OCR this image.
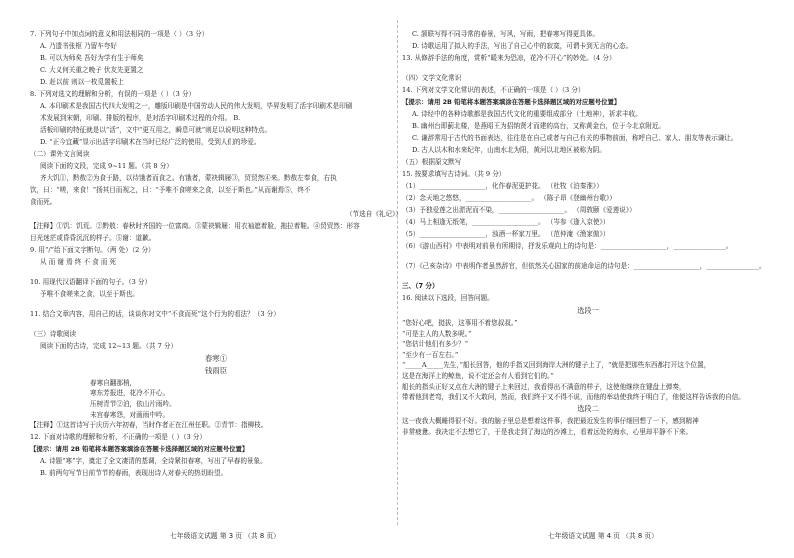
7. 下列句子中加点词的意义和用法相同的一项是（ ）（3 分）
A. 乃遗书张枢 乃留车夸好
B. 可以为师矣 吾好为学有生于师矣
C. 大义何关重之晚子 伏友先更置之
D. 赶以前 则以一枚觅置板上
8. 下列对选文的理解和分析，有误的一项是（ ）（3 分）
A. 本印刷术是我国古代四大发明之一，雕版印刷是中国劳动人民的伟大发明，毕昇发明了活字印刷术是印刷
术发展到宋朝，印刷、排版的程序，是对活字印刷术过程的介绍。 B.
活板印刷的特征就是以“活”，文中“更互用之，瞬息可就”则足以说明这种特点。
D. “正今宜藏”显示出活字印刷术在当时已经广泛的使用，受到人们的珍爱。
（二）课外文言阅读
阅读下面的文段，完成 9~11 题。（共 8 分）
齐大饥①，黔敖②为食于路，以待饿者而食之。有饿者，蒙袂辑屦③，贸贸然④来。黔敖左奉食，右执
饮，曰：“嗟，来食！”扬其目而视之，曰：“予唯不食嗟来之食，以至于斯也。”从而谢焉⑤，终不
食而死。
（节选自《礼记》）
【注释】①饥：饥荒。②黔敖：春秋时齐国的一位富商。③蒙袂辑屦：用衣袖遮着脸，拖拉着鞋。④贸贸然：形容
目光迷茫或昏昏沉沉的样子。⑤谢：道歉。
9. 用“/”给下面文字断句。（两 处）（2 分）
从 而 谢 焉 终 不 食 而 死
10. 用现代汉语翻译下面的句子。（3 分）
予唯不食嗟来之食，以至于斯也。
11. 结合文章内容，用自己的话，谈谈你对文中“不食而死”这个行为的看法？（3 分）
（三）诗歌阅读
阅读下面的古诗，完成 12~13 题。（共 7 分）
春寒①
钱雨臣
春寒自翻那梢，
寒东芳报进，花冷不开心。
压树青节②泊，依山片雨吟。
未宫春寒怨，对画雨中吟。
【注释】①这首诗写于庆历六年初春，当时作者正在江州任职。②青节：指柳枝。
12. 下面对诗歌的理解和分析，不正确的一项是（ ）（3 分）
【提示：请用 2B 铅笔将本题答案填涂在答题卡选择题区域的对应题号位置】
A. 诗题“寒”字，奠定了全文凄清的基调，全诗紧扣春寒，写出了早春的景象。
B. 前两句写节日前节节的春雨，表现出诗人对春天的热切盼望。
C. 颔联写得不同寻常的春景，写风，写雨，把春寒写得更具体。
D. 诗歌运用了拟人的手法，写出了自己心中的寂寞，可谓卡到无言的心态。
13. 从修辞手法的角度，赏析“暖来为恐凉，花冷不开心”的妙处。（4 分）
（四）文学文化常识
14. 下列对文学文化常识的表述，不正确的一项是（ ）（3 分）
【提示：请用 2B 铅笔将本题答案填涂在答题卡选择题区域的对应题号位置】
A. 诗经中的各种诗歌都是我国古代文化的重要组成部分（土地神），祈求丰收。
B. 幽州台即蓟北楼，是燕昭王为招纳贤才而建的高台，又称黄金台，位于今北京附近。
C. 谦辞常用于古代的书面表达，往往是在自己或者与自己有关的事物前面，称呼自己、家人、朋友等表示谦让。
D. 古人以木和水来纪年，山南水北为阳，黄河以北地区被称为阴。
（五）根据原文默写
15. 按要求填写古诗词。（共 9 分）
（1）____________________，化作春泥更护花。 （杜牧《泊秦淮》）
（2）念天地之悠悠，____________________。 （陈子昂《登幽州台歌》）
（3）予独爱莲之出淤泥而不染，____________________。 （周敦颐《爱莲说》）
（4）马上相逢无纸笔，____________________。 （岑参《逢入京使》）
（5）____________________，浊酒一杯家万里。 （范仲淹《渔家傲》）
（6）《游山西村》中表明对前景有所期待，抒发乐观向上的诗句是：____________________，________________。
（7）《己亥杂诗》中表明作者虽然辞官，但依然关心国家的前途命运的诗句是：____________________，________________。
三、（7 分）
16. 阅读以下选段，回答问题。
选段一
“您好心吧，挺拔，这事用不着您叔叔。”
“可是主人的人数多呢。”
“您估计他们有多少？”
“至少有一百左右。”
“_____A_____先生，”船长回答，他的手指又回到海岸大洲的键子上了，“就是把那些东西都打开这个位置，
这是在海洋上的鲸鱼，说不定还会有人看到它们的。”
船长的指头正好又点在大洲的键子上来回过，我看得出不满意的样子，这使他继续在键盘上弹奏，
带着他到老弯，我们又不大敢问，然而，我们终于又不得不说，而他的举动使我终于明白了，他便这样告诉我的自信。
选段二
这一夜我大概睡得很不好。我的脑子里总是想着这件事，我把最近发生的事仔细回想了一下，感到精神
非常疲惫。我决定不去想它了，于是我走到了海边的沙滩上，看着远处的海水，心里却平静不下来。
七年级语文试题 第 3 页 （共 8 页）	七年级语文试题 第 4 页 （共 8 页）
